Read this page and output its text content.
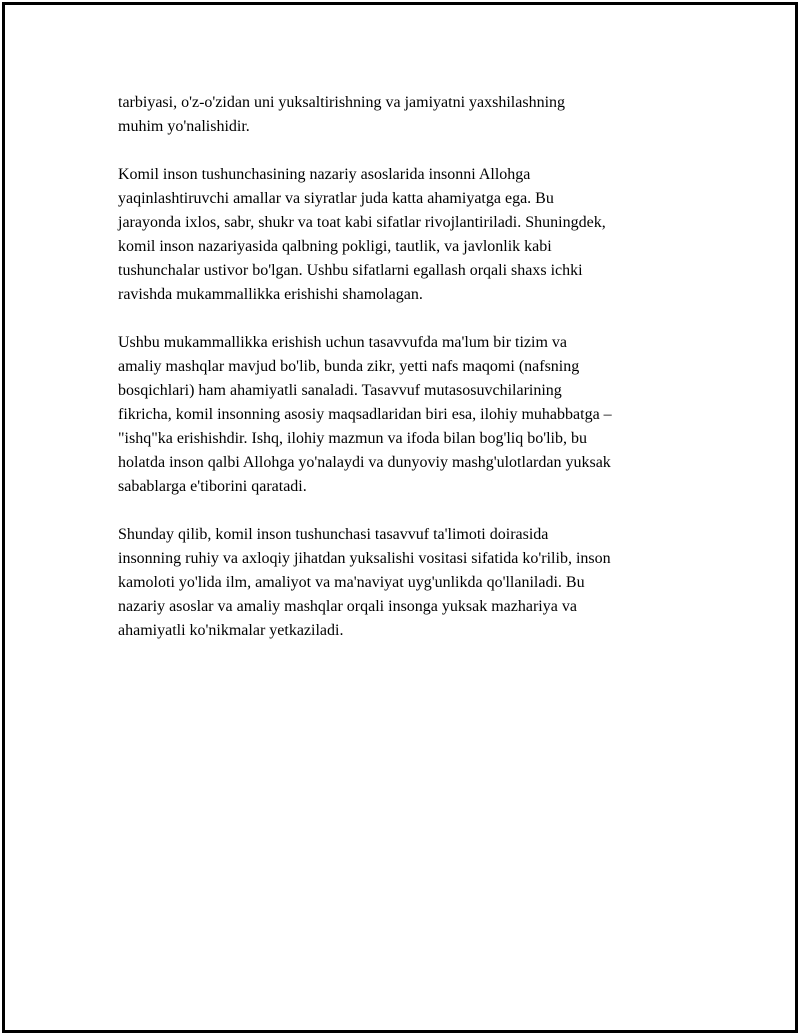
tarbiyasi, o'z-o'zidan uni yuksaltirishning va jamiyatni yaxshilashning
muhim yo'nalishidir.

Komil inson tushunchasining nazariy asoslarida insonni Allohga
yaqinlashtiruvchi amallar va siyratlar juda katta ahamiyatga ega. Bu
jarayonda ixlos, sabr, shukr va toat kabi sifatlar rivojlantiriladi. Shuningdek,
komil inson nazariyasida qalbning pokligi, tautlik, va javlonlik kabi
tushunchalar ustivor bo'lgan. Ushbu sifatlarni egallash orqali shaxs ichki
ravishda mukammallikka erishishi shamolagan.

Ushbu mukammallikka erishish uchun tasavvufda ma'lum bir tizim va
amaliy mashqlar mavjud bo'lib, bunda zikr, yetti nafs maqomi (nafsning
bosqichlari) ham ahamiyatli sanaladi. Tasavvuf mutasosuvchilarining
fikricha, komil insonning asosiy maqsadlaridan biri esa, ilohiy muhabbatga –
"ishq"ka erishishdir. Ishq, ilohiy mazmun va ifoda bilan bog'liq bo'lib, bu
holatda inson qalbi Allohga yo'nalaydi va dunyoviy mashg'ulotlardan yuksak
sabablarga e'tiborini qaratadi.

Shunday qilib, komil inson tushunchasi tasavvuf ta'limoti doirasida
insonning ruhiy va axloqiy jihatdan yuksalishi vositasi sifatida ko'rilib, inson
kamoloti yo'lida ilm, amaliyot va ma'naviyat uyg'unlikda qo'llaniladi. Bu
nazariy asoslar va amaliy mashqlar orqali insonga yuksak mazhariya va
ahamiyatli ko'nikmalar yetkaziladi.
